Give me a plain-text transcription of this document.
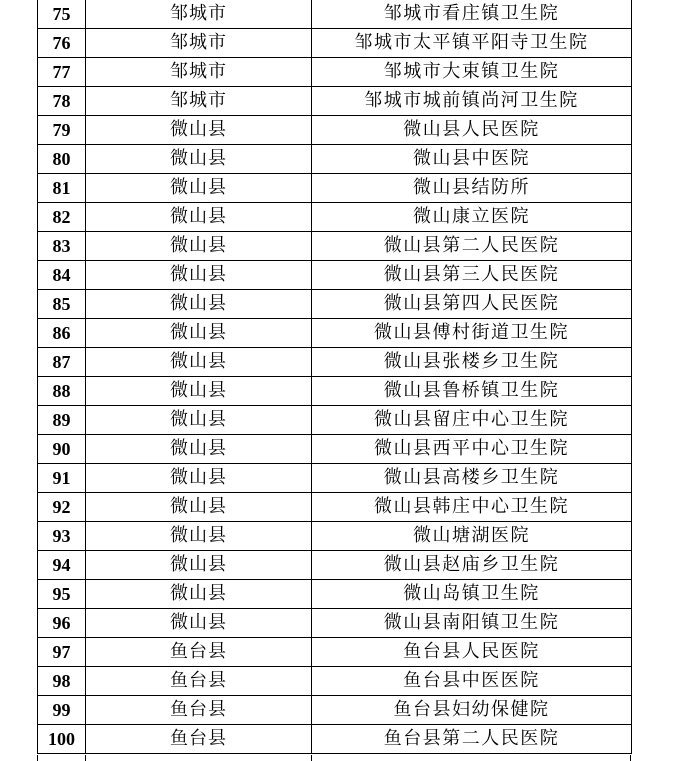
75	邹城市	邹城市看庄镇卫生院
76	邹城市	邹城市太平镇平阳寺卫生院
77	邹城市	邹城市大束镇卫生院
78	邹城市	邹城市城前镇尚河卫生院
79	微山县	微山县人民医院
80	微山县	微山县中医院
81	微山县	微山县结防所
82	微山县	微山康立医院
83	微山县	微山县第二人民医院
84	微山县	微山县第三人民医院
85	微山县	微山县第四人民医院
86	微山县	微山县傅村街道卫生院
87	微山县	微山县张楼乡卫生院
88	微山县	微山县鲁桥镇卫生院
89	微山县	微山县留庄中心卫生院
90	微山县	微山县西平中心卫生院
91	微山县	微山县高楼乡卫生院
92	微山县	微山县韩庄中心卫生院
93	微山县	微山塘湖医院
94	微山县	微山县赵庙乡卫生院
95	微山县	微山岛镇卫生院
96	微山县	微山县南阳镇卫生院
97	鱼台县	鱼台县人民医院
98	鱼台县	鱼台县中医医院
99	鱼台县	鱼台县妇幼保健院
100	鱼台县	鱼台县第二人民医院
